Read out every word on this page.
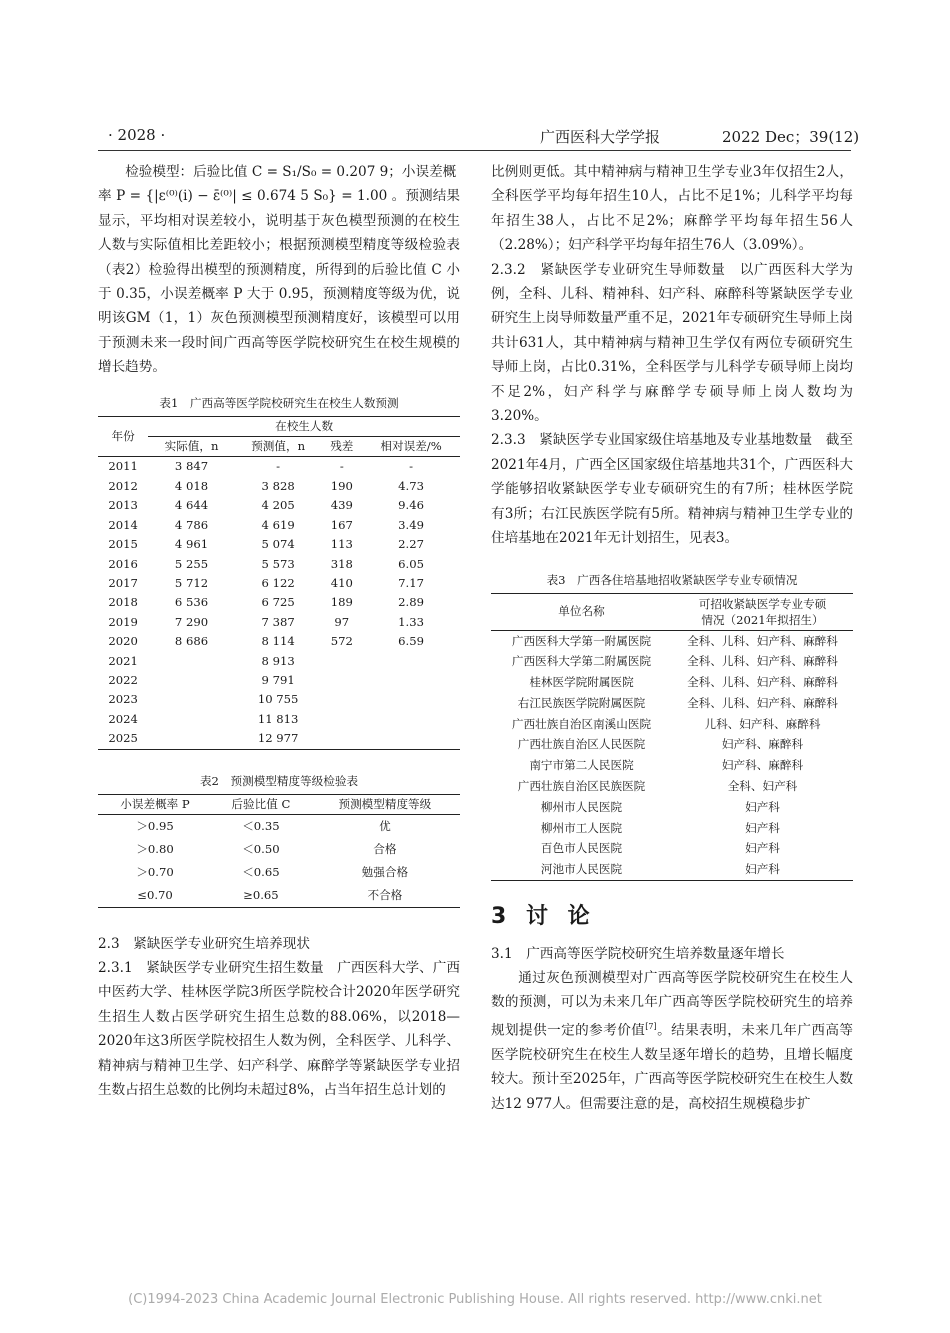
· 2028 ·	广西医科大学学报	2022 Dec；39(12)

检验模型：后验比值 C = S₁/S₀ = 0.207 9；小误差概

率 P = {|ε⁽⁰⁾(i) − ε̄⁽⁰⁾| ≤ 0.674 5 S₀} = 1.00 。预测结果显示，平均相对误差较小，说明基于灰色模型预测的在校生人数与实际值相比差距较小；根据预测模型精度等级检验表（表2）检验得出模型的预测精度，所得到的后验比值 C 小于 0.35，小误差概率 P 大于 0.95，预测精度等级为优，说明该GM（1，1）灰色预测模型预测精度好，该模型可以用于预测未来一段时间广西高等医学院校研究生在校生规模的增长趋势。

表1　广西高等医学院校研究生在校生人数预测
年份	在校生人数			
	实际值，n	预测值，n	残差	相对误差/%
2011	3 847	-	-	-
2012	4 018	3 828	190	4.73
2013	4 644	4 205	439	9.46
2014	4 786	4 619	167	3.49
2015	4 961	5 074	113	2.27
2016	5 255	5 573	318	6.05
2017	5 712	6 122	410	7.17
2018	6 536	6 725	189	2.89
2019	7 290	7 387	97	1.33
2020	8 686	8 114	572	6.59
2021		8 913		
2022		9 791		
2023		10 755		
2024		11 813		
2025		12 977		
表2　预测模型精度等级检验表
小误差概率 P	后验比值 C	预测模型精度等级
＞0.95	＜0.35	优
＞0.80	＜0.50	合格
＞0.70	＜0.65	勉强合格
≤0.70	≥0.65	不合格
2.3　紧缺医学专业研究生培养现状

2.3.1　紧缺医学专业研究生招生数量　 广西医科大学、广西中医药大学、桂林医学院3所医学院校合计2020年医学研究生招生人数占医学研究生招生总数的88.06%，以2018—2020年这3所医学院校招生人数为例，全科医学、儿科学、精神病与精神卫生学、妇产科学、麻醉学等紧缺医学专业招生数占招生总数的比例均未超过8%，占当年招生总计划的

比例则更低。其中精神病与精神卫生学专业3年仅招生2人，全科医学平均每年招生10人，占比不足1%；儿科学平均每年招生38人，占比不足2%；麻醉学平均每年招生56人（2.28%）；妇产科学平均每年招生76人（3.09%）。

2.3.2　紧缺医学专业研究生导师数量　 以广西医科大学为例，全科、儿科、精神科、妇产科、麻醉科等紧缺医学专业研究生上岗导师数量严重不足，2021年专硕研究生导师上岗共计631人，其中精神病与精神卫生学仅有两位专硕研究生导师上岗，占比0.31%，全科医学与儿科学专硕导师上岗均不足2%，妇产科学与麻醉学专硕导师上岗人数均为3.20%。

2.3.3　紧缺医学专业国家级住培基地及专业基地数量　 截至2021年4月，广西全区国家级住培基地共31个，广西医科大学能够招收紧缺医学专业专硕研究生的有7所；桂林医学院有3所；右江民族医学院有5所。精神病与精神卫生学专业的住培基地在2021年无计划招生，见表3。

表3　广西各住培基地招收紧缺医学专业专硕情况
单位名称	可招收紧缺医学专业专硕
情况（2021年拟招生）
广西医科大学第一附属医院	全科、儿科、妇产科、麻醉科
广西医科大学第二附属医院	全科、儿科、妇产科、麻醉科
桂林医学院附属医院	全科、儿科、妇产科、麻醉科
右江民族医学院附属医院	全科、儿科、妇产科、麻醉科
广西壮族自治区南溪山医院	儿科、妇产科、麻醉科
广西壮族自治区人民医院	妇产科、麻醉科
南宁市第二人民医院	妇产科、麻醉科
广西壮族自治区民族医院	全科、妇产科
柳州市人民医院	妇产科
柳州市工人医院	妇产科
百色市人民医院	妇产科
河池市人民医院	妇产科
3 讨 论
3.1　广西高等医学院校研究生培养数量逐年增长

通过灰色预测模型对广西高等医学院校研究生在校生人数的预测，可以为未来几年广西高等医学院校研究生的培养规划提供一定的参考价值[7]。结果表明，未来几年广西高等医学院校研究生在校生人数呈逐年增长的趋势，且增长幅度较大。预计至2025年，广西高等医学院校研究生在校生人数达12 977人。但需要注意的是，高校招生规模稳步扩

(C)1994-2023 China Academic Journal Electronic Publishing House. All rights reserved. http://www.cnki.net
